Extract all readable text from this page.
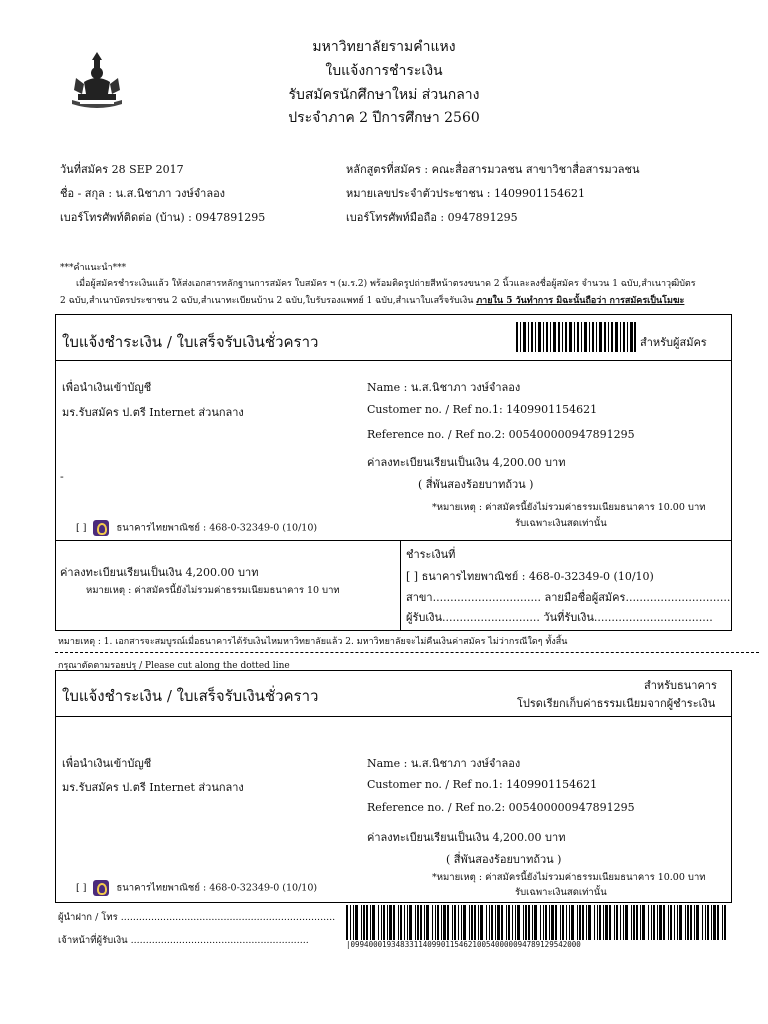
มหาวิทยาลัยรามคำแหง
ใบแจ้งการชำระเงิน
รับสมัครนักศึกษาใหม่ ส่วนกลาง
ประจำภาค 2 ปีการศึกษา 2560
วันที่สมัคร 28 SEP 2017
ชื่อ - สกุล : น.ส.นิชาภา วงษ์จำลอง
เบอร์โทรศัพท์ติดต่อ (บ้าน) : 0947891295
หลักสูตรที่สมัคร : คณะสื่อสารมวลชน สาขาวิชาสื่อสารมวลชน
หมายเลขประจำตัวประชาชน : 1409901154621
เบอร์โทรศัพท์มือถือ : 0947891295
***คำแนะนำ***
เมื่อผู้สมัครชำระเงินแล้ว ให้ส่งเอกสารหลักฐานการสมัคร ใบสมัคร ฯ (ม.ร.2) พร้อมติดรูปถ่ายสีหน้าตรงขนาด 2 นิ้วและลงชื่อผู้สมัคร จำนวน 1 ฉบับ,สำเนาวุฒิบัตร
2 ฉบับ,สำเนาบัตรประชาชน 2 ฉบับ,สำเนาทะเบียนบ้าน 2 ฉบับ,ใบรับรองแพทย์ 1 ฉบับ,สำเนาใบเสร็จรับเงิน ภายใน 5 วันทำการ มิฉะนั้นถือว่า การสมัครเป็นโมฆะ
ใบแจ้งชำระเงิน / ใบเสร็จรับเงินชั่วคราว	สำหรับผู้สมัคร
เพื่อนำเงินเข้าบัญชี
มร.รับสมัคร ป.ตรี Internet ส่วนกลาง
Name : น.ส.นิชาภา วงษ์จำลอง
Customer no. / Ref no.1: 1409901154621
Reference no. / Ref no.2: 005400000947891295
ค่าลงทะเบียนเรียนเป็นเงิน 4,200.00 บาท
( สี่พันสองร้อยบาทถ้วน )
*หมายเหตุ : ค่าสมัครนี้ยังไม่รวมค่าธรรมเนียมธนาคาร 10.00 บาท
รับเฉพาะเงินสดเท่านั้น
-
[ ]	ธนาคารไทยพาณิชย์ : 468-0-32349-0 (10/10)
ค่าลงทะเบียนเรียนเป็นเงิน 4,200.00 บาท
หมายเหตุ : ค่าสมัครนี้ยังไม่รวมค่าธรรมเนียมธนาคาร 10 บาท
ชำระเงินที่
[ ] ธนาคารไทยพาณิชย์ : 468-0-32349-0 (10/10)
สาขา............................... ลายมือชื่อผู้สมัคร..............................
ผู้รับเงิน............................ วันที่รับเงิน..................................
หมายเหตุ : 1. เอกสารจะสมบูรณ์เมื่อธนาคารได้รับเงินไหมหาวิทยาลัยแล้ว 2. มหาวิทยาลัยจะไม่คืนเงินค่าสมัคร ไม่ว่ากรณีใดๆ ทั้งสิ้น
กรุณาตัดตามรอยปรุ / Please cut along the dotted line
ใบแจ้งชำระเงิน / ใบเสร็จรับเงินชั่วคราว
สำหรับธนาคาร
โปรดเรียกเก็บค่าธรรมเนียมจากผู้ชำระเงิน
เพื่อนำเงินเข้าบัญชี
มร.รับสมัคร ป.ตรี Internet ส่วนกลาง
Name : น.ส.นิชาภา วงษ์จำลอง
Customer no. / Ref no.1: 1409901154621
Reference no. / Ref no.2: 005400000947891295
ค่าลงทะเบียนเรียนเป็นเงิน 4,200.00 บาท
( สี่พันสองร้อยบาทถ้วน )
*หมายเหตุ : ค่าสมัครนี้ยังไม่รวมค่าธรรมเนียมธนาคาร 10.00 บาท
รับเฉพาะเงินสดเท่านั้น
[ ]	ธนาคารไทยพาณิชย์ : 468-0-32349-0 (10/10)
ผู้นำฝาก / โทร .......................................................................
เจ้าหน้าที่ผู้รับเงิน ...........................................................	|099400019348331140990115462100540000094789129542000
